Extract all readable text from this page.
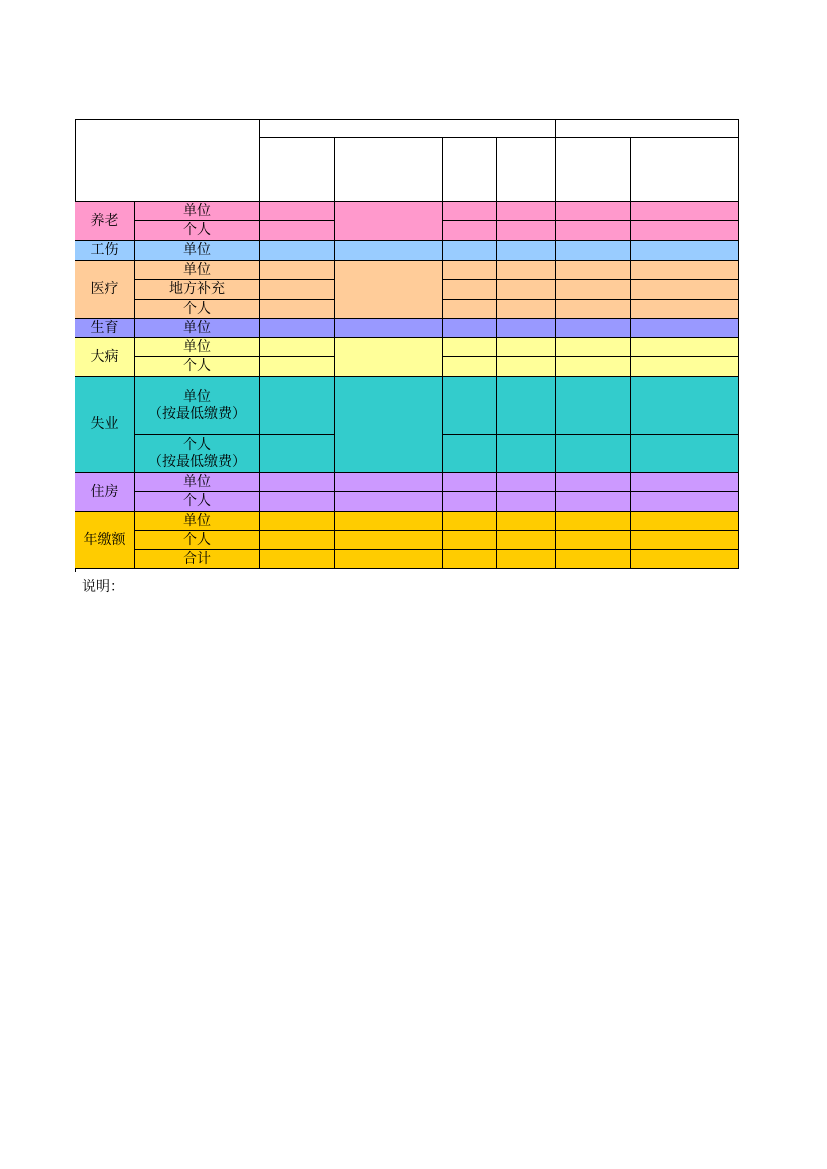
养老
单位
个人
工伤	单位
医疗
单位
地方补充
个人
生育	单位
大病
单位
个人
失业
单位
（按最低缴费）
个人
（按最低缴费）
住房
单位
个人
年缴额
单位
个人
合计
说明：
